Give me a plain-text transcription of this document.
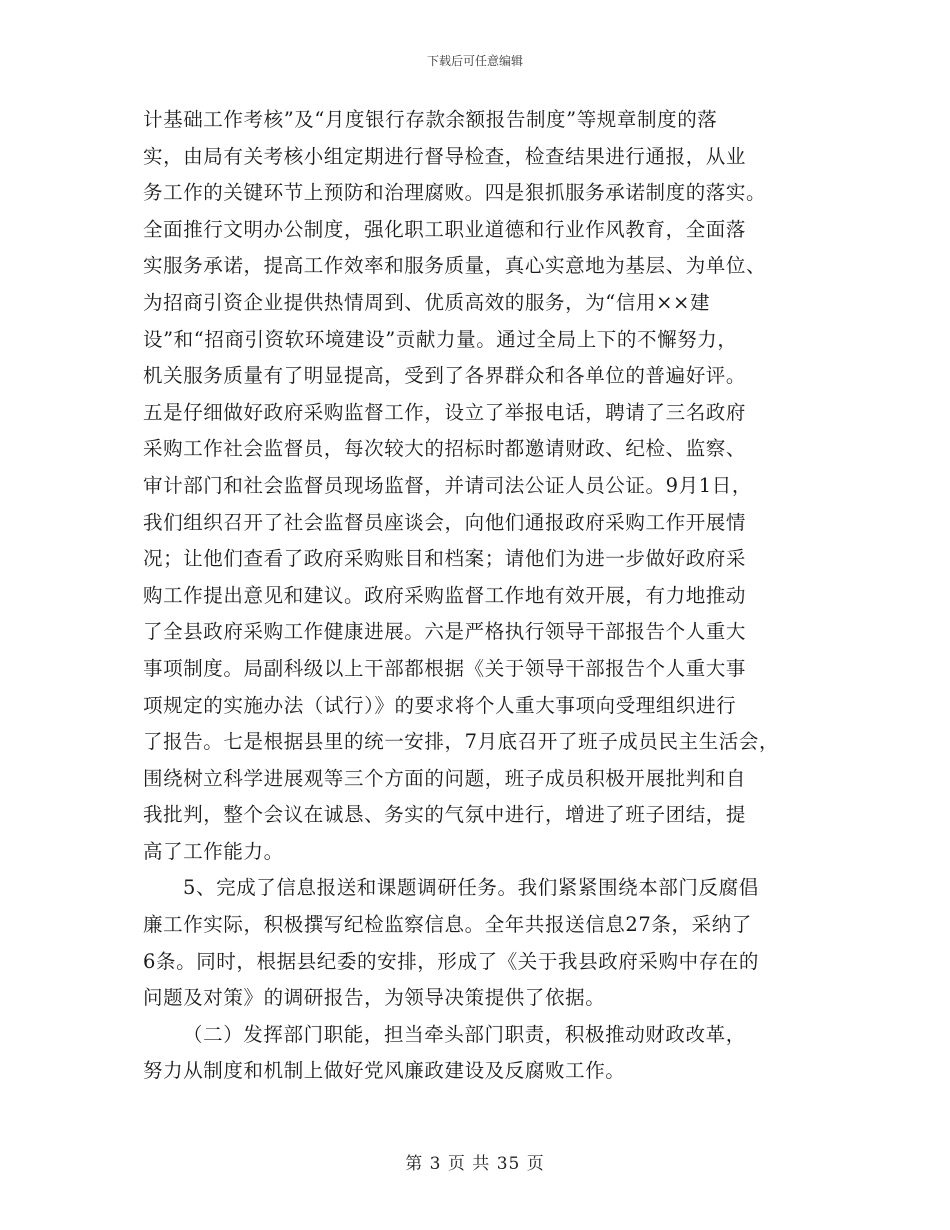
下载后可任意编辑
计基础工作考核”及“月度银行存款余额报告制度”等规章制度的落
实，由局有关考核小组定期进行督导检查，检查结果进行通报，从业
务工作的关键环节上预防和治理腐败。四是狠抓服务承诺制度的落实。
全面推行文明办公制度，强化职工职业道德和行业作风教育，全面落
实服务承诺，提高工作效率和服务质量，真心实意地为基层、为单位、
为招商引资企业提供热情周到、优质高效的服务，为“信用××建
设”和“招商引资软环境建设”贡献力量。通过全局上下的不懈努力，
机关服务质量有了明显提高，受到了各界群众和各单位的普遍好评。
五是仔细做好政府采购监督工作，设立了举报电话，聘请了三名政府
采购工作社会监督员，每次较大的招标时都邀请财政、纪检、监察、
审计部门和社会监督员现场监督，并请司法公证人员公证。9月1日，
我们组织召开了社会监督员座谈会，向他们通报政府采购工作开展情
况；让他们查看了政府采购账目和档案；请他们为进一步做好政府采
购工作提出意见和建议。政府采购监督工作地有效开展，有力地推动
了全县政府采购工作健康进展。六是严格执行领导干部报告个人重大
事项制度。局副科级以上干部都根据《关于领导干部报告个人重大事
项规定的实施办法（试行）》的要求将个人重大事项向受理组织进行
了报告。七是根据县里的统一安排，7月底召开了班子成员民主生活会，
围绕树立科学进展观等三个方面的问题，班子成员积极开展批判和自
我批判，整个会议在诚恳、务实的气氛中进行，增进了班子团结，提
高了工作能力。
5、完成了信息报送和课题调研任务。我们紧紧围绕本部门反腐倡
廉工作实际，积极撰写纪检监察信息。全年共报送信息27条，采纳了
6条。同时，根据县纪委的安排，形成了《关于我县政府采购中存在的
问题及对策》的调研报告，为领导决策提供了依据。
（二）发挥部门职能，担当牵头部门职责，积极推动财政改革，
努力从制度和机制上做好党风廉政建设及反腐败工作。
第 3 页 共 35 页
